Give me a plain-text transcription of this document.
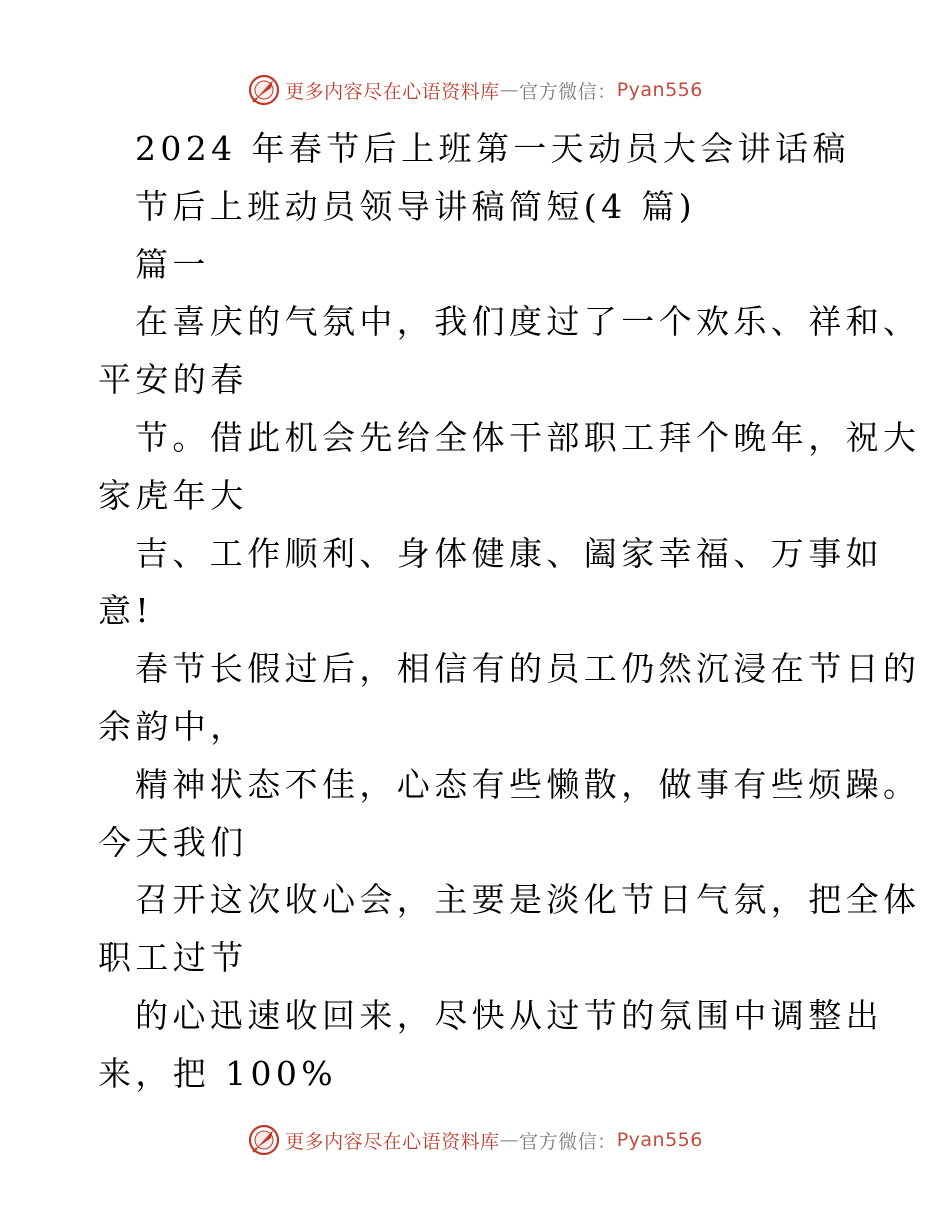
更多内容尽在心语资料库 — 官方微信： Pyan556
2024 年春节后上班第一天动员大会讲话稿
节后上班动员领导讲稿简短(4 篇)
篇一
在喜庆的气氛中，我们度过了一个欢乐、祥和、
平安的春
节。借此机会先给全体干部职工拜个晚年，祝大
家虎年大
吉、工作顺利、身体健康、阖家幸福、万事如
意!
春节长假过后，相信有的员工仍然沉浸在节日的
余韵中，
精神状态不佳，心态有些懒散，做事有些烦躁。
今天我们
召开这次收心会，主要是淡化节日气氛，把全体
职工过节
的心迅速收回来，尽快从过节的氛围中调整出
来，把 100%
更多内容尽在心语资料库 — 官方微信： Pyan556
